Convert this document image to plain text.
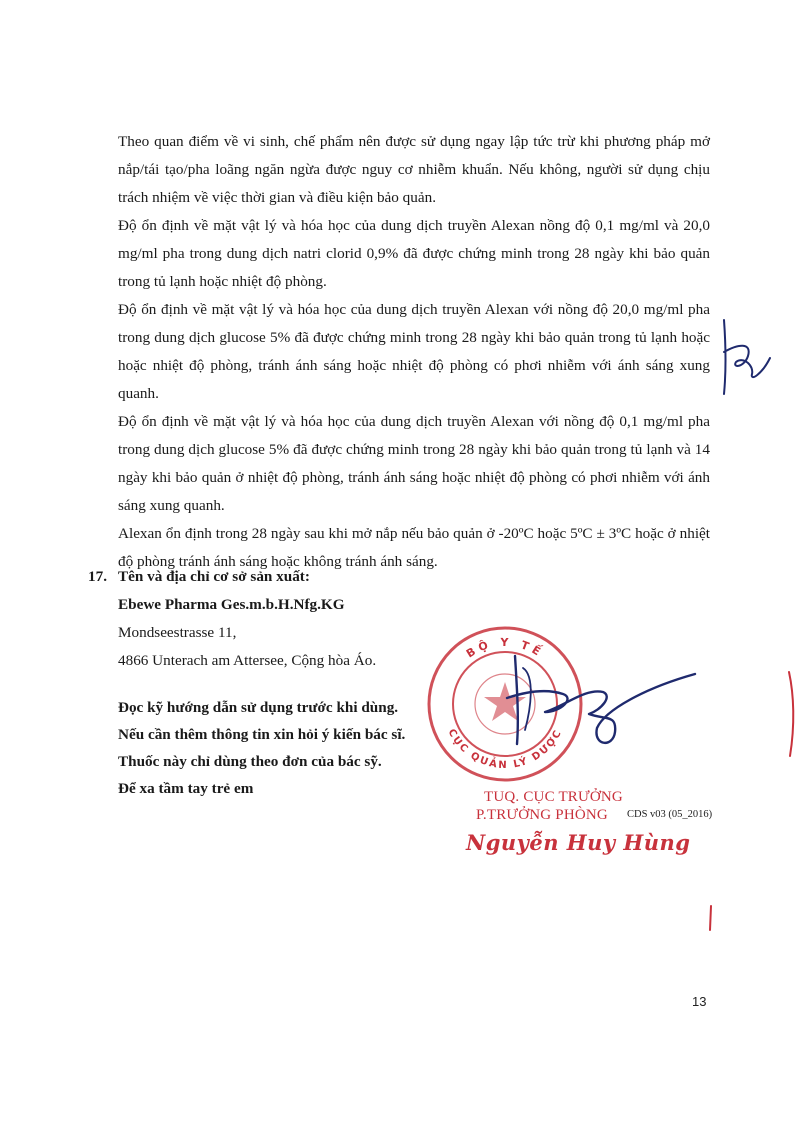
Theo quan điểm về vi sinh, chế phẩm nên được sử dụng ngay lập tức trừ khi phương pháp mở nắp/tái tạo/pha loãng ngăn ngừa được nguy cơ nhiễm khuẩn. Nếu không, người sử dụng chịu trách nhiệm về việc thời gian và điều kiện bảo quản.

Độ ổn định về mặt vật lý và hóa học của dung dịch truyền Alexan nồng độ 0,1 mg/ml và 20,0 mg/ml pha trong dung dịch natri clorid 0,9% đã được chứng minh trong 28 ngày khi bảo quản trong tủ lạnh hoặc nhiệt độ phòng.

Độ ổn định về mặt vật lý và hóa học của dung dịch truyền Alexan với nồng độ 20,0 mg/ml pha trong dung dịch glucose 5% đã được chứng minh trong 28 ngày khi bảo quản trong tủ lạnh hoặc hoặc nhiệt độ phòng, tránh ánh sáng hoặc nhiệt độ phòng có phơi nhiễm với ánh sáng xung quanh.

Độ ổn định về mặt vật lý và hóa học của dung dịch truyền Alexan với nồng độ 0,1 mg/ml pha trong dung dịch glucose 5% đã được chứng minh trong 28 ngày khi bảo quản trong tủ lạnh và 14 ngày khi bảo quản ở nhiệt độ phòng, tránh ánh sáng hoặc nhiệt độ phòng có phơi nhiễm với ánh sáng xung quanh.

Alexan ổn định trong 28 ngày sau khi mở nắp nếu bảo quản ở -20ºC hoặc 5ºC ± 3ºC hoặc ở nhiệt độ phòng tránh ánh sáng hoặc không tránh ánh sáng.

17. Tên và địa chỉ cơ sở sản xuất:
Ebewe Pharma Ges.m.b.H.Nfg.KG
Mondseestrasse 11,
4866 Unterach am Attersee, Cộng hòa Áo.
Đọc kỹ hướng dẫn sử dụng trước khi dùng.
Nếu cần thêm thông tin xin hỏi ý kiến bác sĩ.
Thuốc này chỉ dùng theo đơn của bác sỹ.
Để xa tầm tay trẻ em
BỘ Y TẾ
CỤC QUẢN LÝ DƯỢC
TUQ. CỤC TRƯỞNG
P.TRƯỞNG PHÒNG	CDS v03 (05_2016)
Nguyễn Huy Hùng
13
